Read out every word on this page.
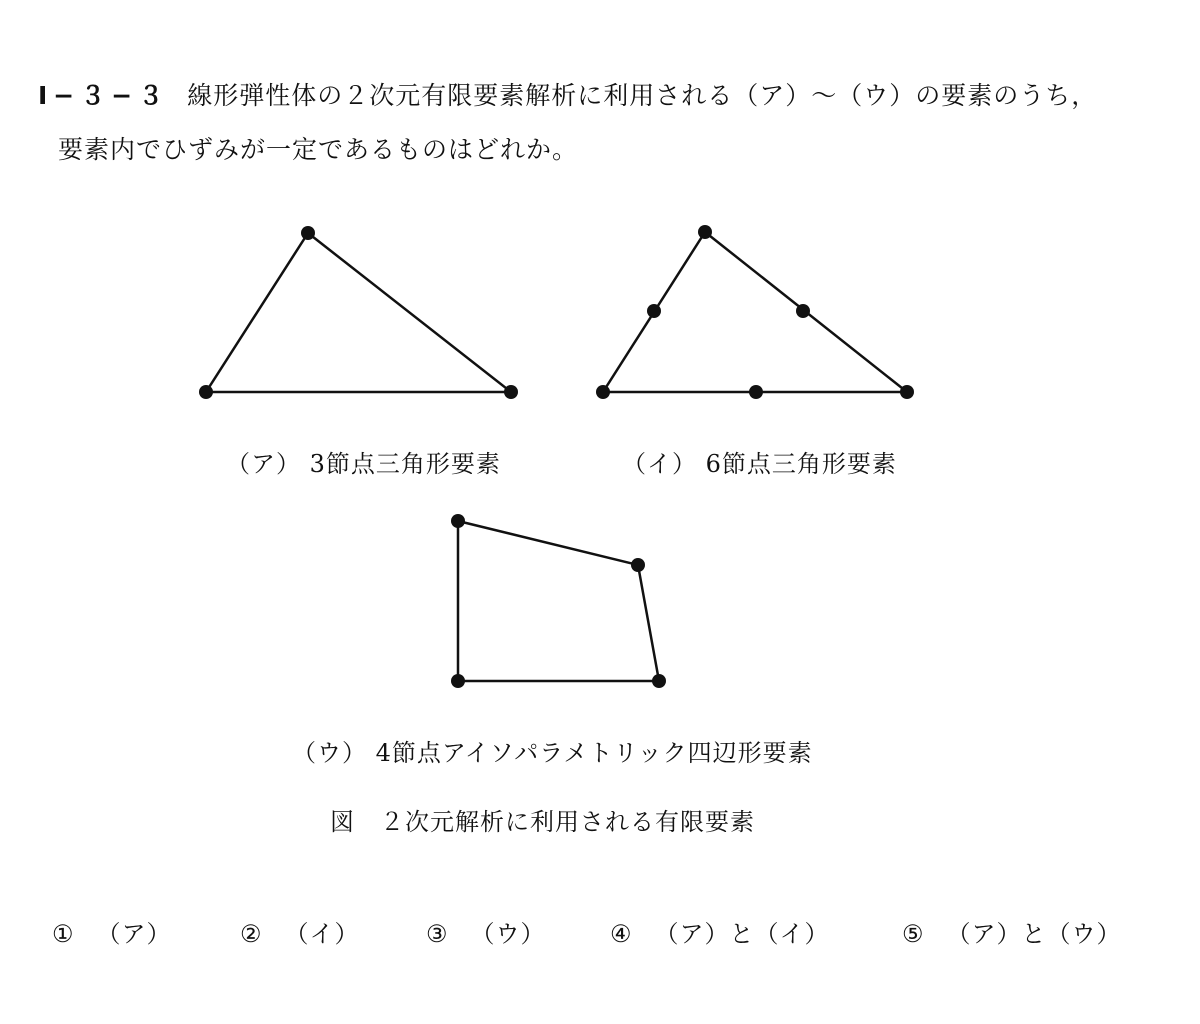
Ⅰ−３−３ 線形弾性体の２次元有限要素解析に利用される（ア）～（ウ）の要素のうち，
要素内でひずみが一定であるものはどれか。
（ア） 3節点三角形要素	（イ） 6節点三角形要素
（ウ） 4節点アイソパラメトリック四辺形要素
図　２次元解析に利用される有限要素
① （ア）	② （イ）	③ （ウ）	④ （ア）と（イ）	⑤ （ア）と（ウ）
